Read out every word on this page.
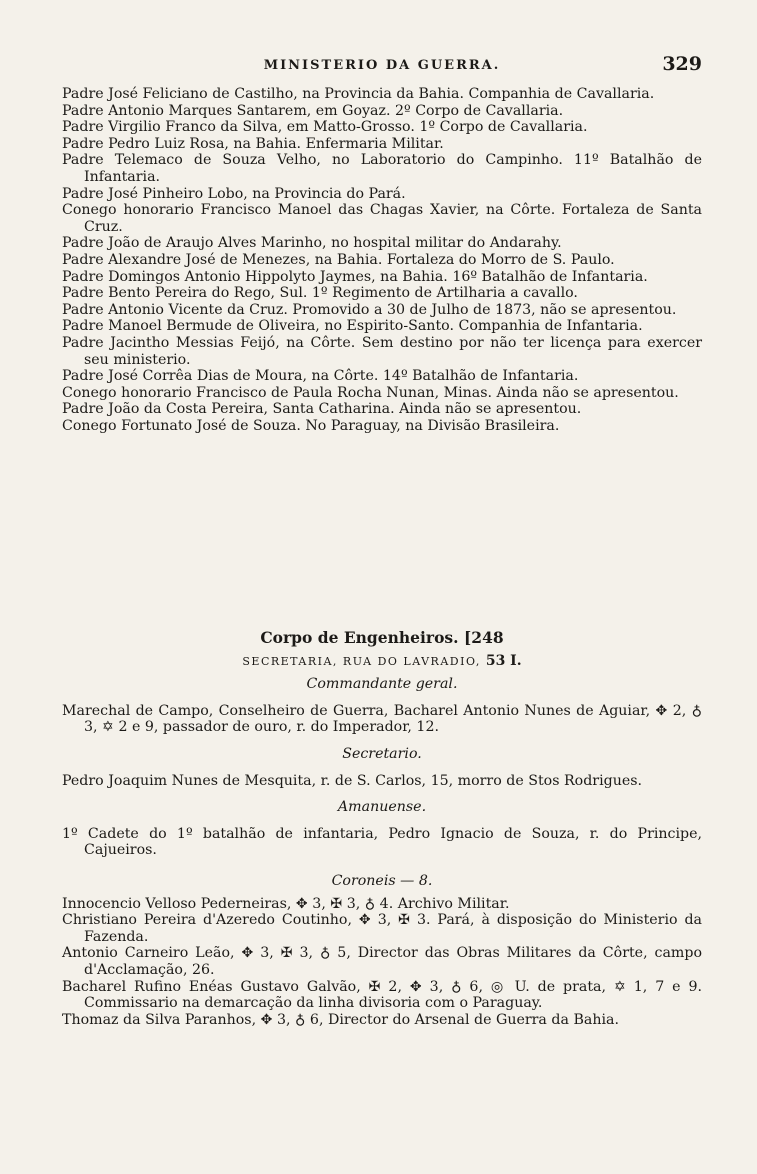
MINISTERIO DA GUERRA.	329

Padre José Feliciano de Castilho, na Provincia da Bahia. Companhia de Cavallaria.

Padre Antonio Marques Santarem, em Goyaz. 2º Corpo de Cavallaria.

Padre Virgilio Franco da Silva, em Matto-Grosso. 1º Corpo de Cavallaria.

Padre Pedro Luiz Rosa, na Bahia. Enfermaria Militar.

Padre Telemaco de Souza Velho, no Laboratorio do Campinho. 11º Batalhão de Infantaria.

Padre José Pinheiro Lobo, na Provincia do Pará.

Conego honorario Francisco Manoel das Chagas Xavier, na Côrte. Fortaleza de Santa Cruz.

Padre João de Araujo Alves Marinho, no hospital militar do Andarahy.

Padre Alexandre José de Menezes, na Bahia. Fortaleza do Morro de S. Paulo.

Padre Domingos Antonio Hippolyto Jaymes, na Bahia. 16º Batalhão de Infantaria.

Padre Bento Pereira do Rego, Sul. 1º Regimento de Artilharia a cavallo.

Padre Antonio Vicente da Cruz. Promovido a 30 de Julho de 1873, não se apresentou.

Padre Manoel Bermude de Oliveira, no Espirito-Santo. Companhia de Infantaria.

Padre Jacintho Messias Feijó, na Côrte. Sem destino por não ter licença para exercer seu ministerio.

Padre José Corrêa Dias de Moura, na Côrte. 14º Batalhão de Infantaria.

Conego honorario Francisco de Paula Rocha Nunan, Minas. Ainda não se apresentou.

Padre João da Costa Pereira, Santa Catharina. Ainda não se apresentou.

Conego Fortunato José de Souza. No Paraguay, na Divisão Brasileira.

Corpo de Engenheiros. [248

SECRETARIA, RUA DO LAVRADIO, 53 I.

Commandante geral.

Marechal de Campo, Conselheiro de Guerra, Bacharel Antonio Nunes de Aguiar, ✥ 2, ♁ 3, ✡ 2 e 9, passador de ouro, r. do Imperador, 12.

Secretario.

Pedro Joaquim Nunes de Mesquita, r. de S. Carlos, 15, morro de Stos Rodrigues.

Amanuense.

1º Cadete do 1º batalhão de infantaria, Pedro Ignacio de Souza, r. do Principe, Cajueiros.

Coroneis — 8.

Innocencio Velloso Pederneiras, ✥ 3, ✠ 3, ♁ 4. Archivo Militar.

Christiano Pereira d'Azeredo Coutinho, ✥ 3, ✠ 3. Pará, à disposição do Ministerio da Fazenda.

Antonio Carneiro Leão, ✥ 3, ✠ 3, ♁ 5, Director das Obras Militares da Côrte, campo d'Acclamação, 26.

Bacharel Rufino Enéas Gustavo Galvão, ✠ 2, ✥ 3, ♁ 6, ◎ U. de prata, ✡ 1, 7 e 9. Commissario na demarcação da linha divisoria com o Paraguay.

Thomaz da Silva Paranhos, ✥ 3, ♁ 6, Director do Arsenal de Guerra da Bahia.
